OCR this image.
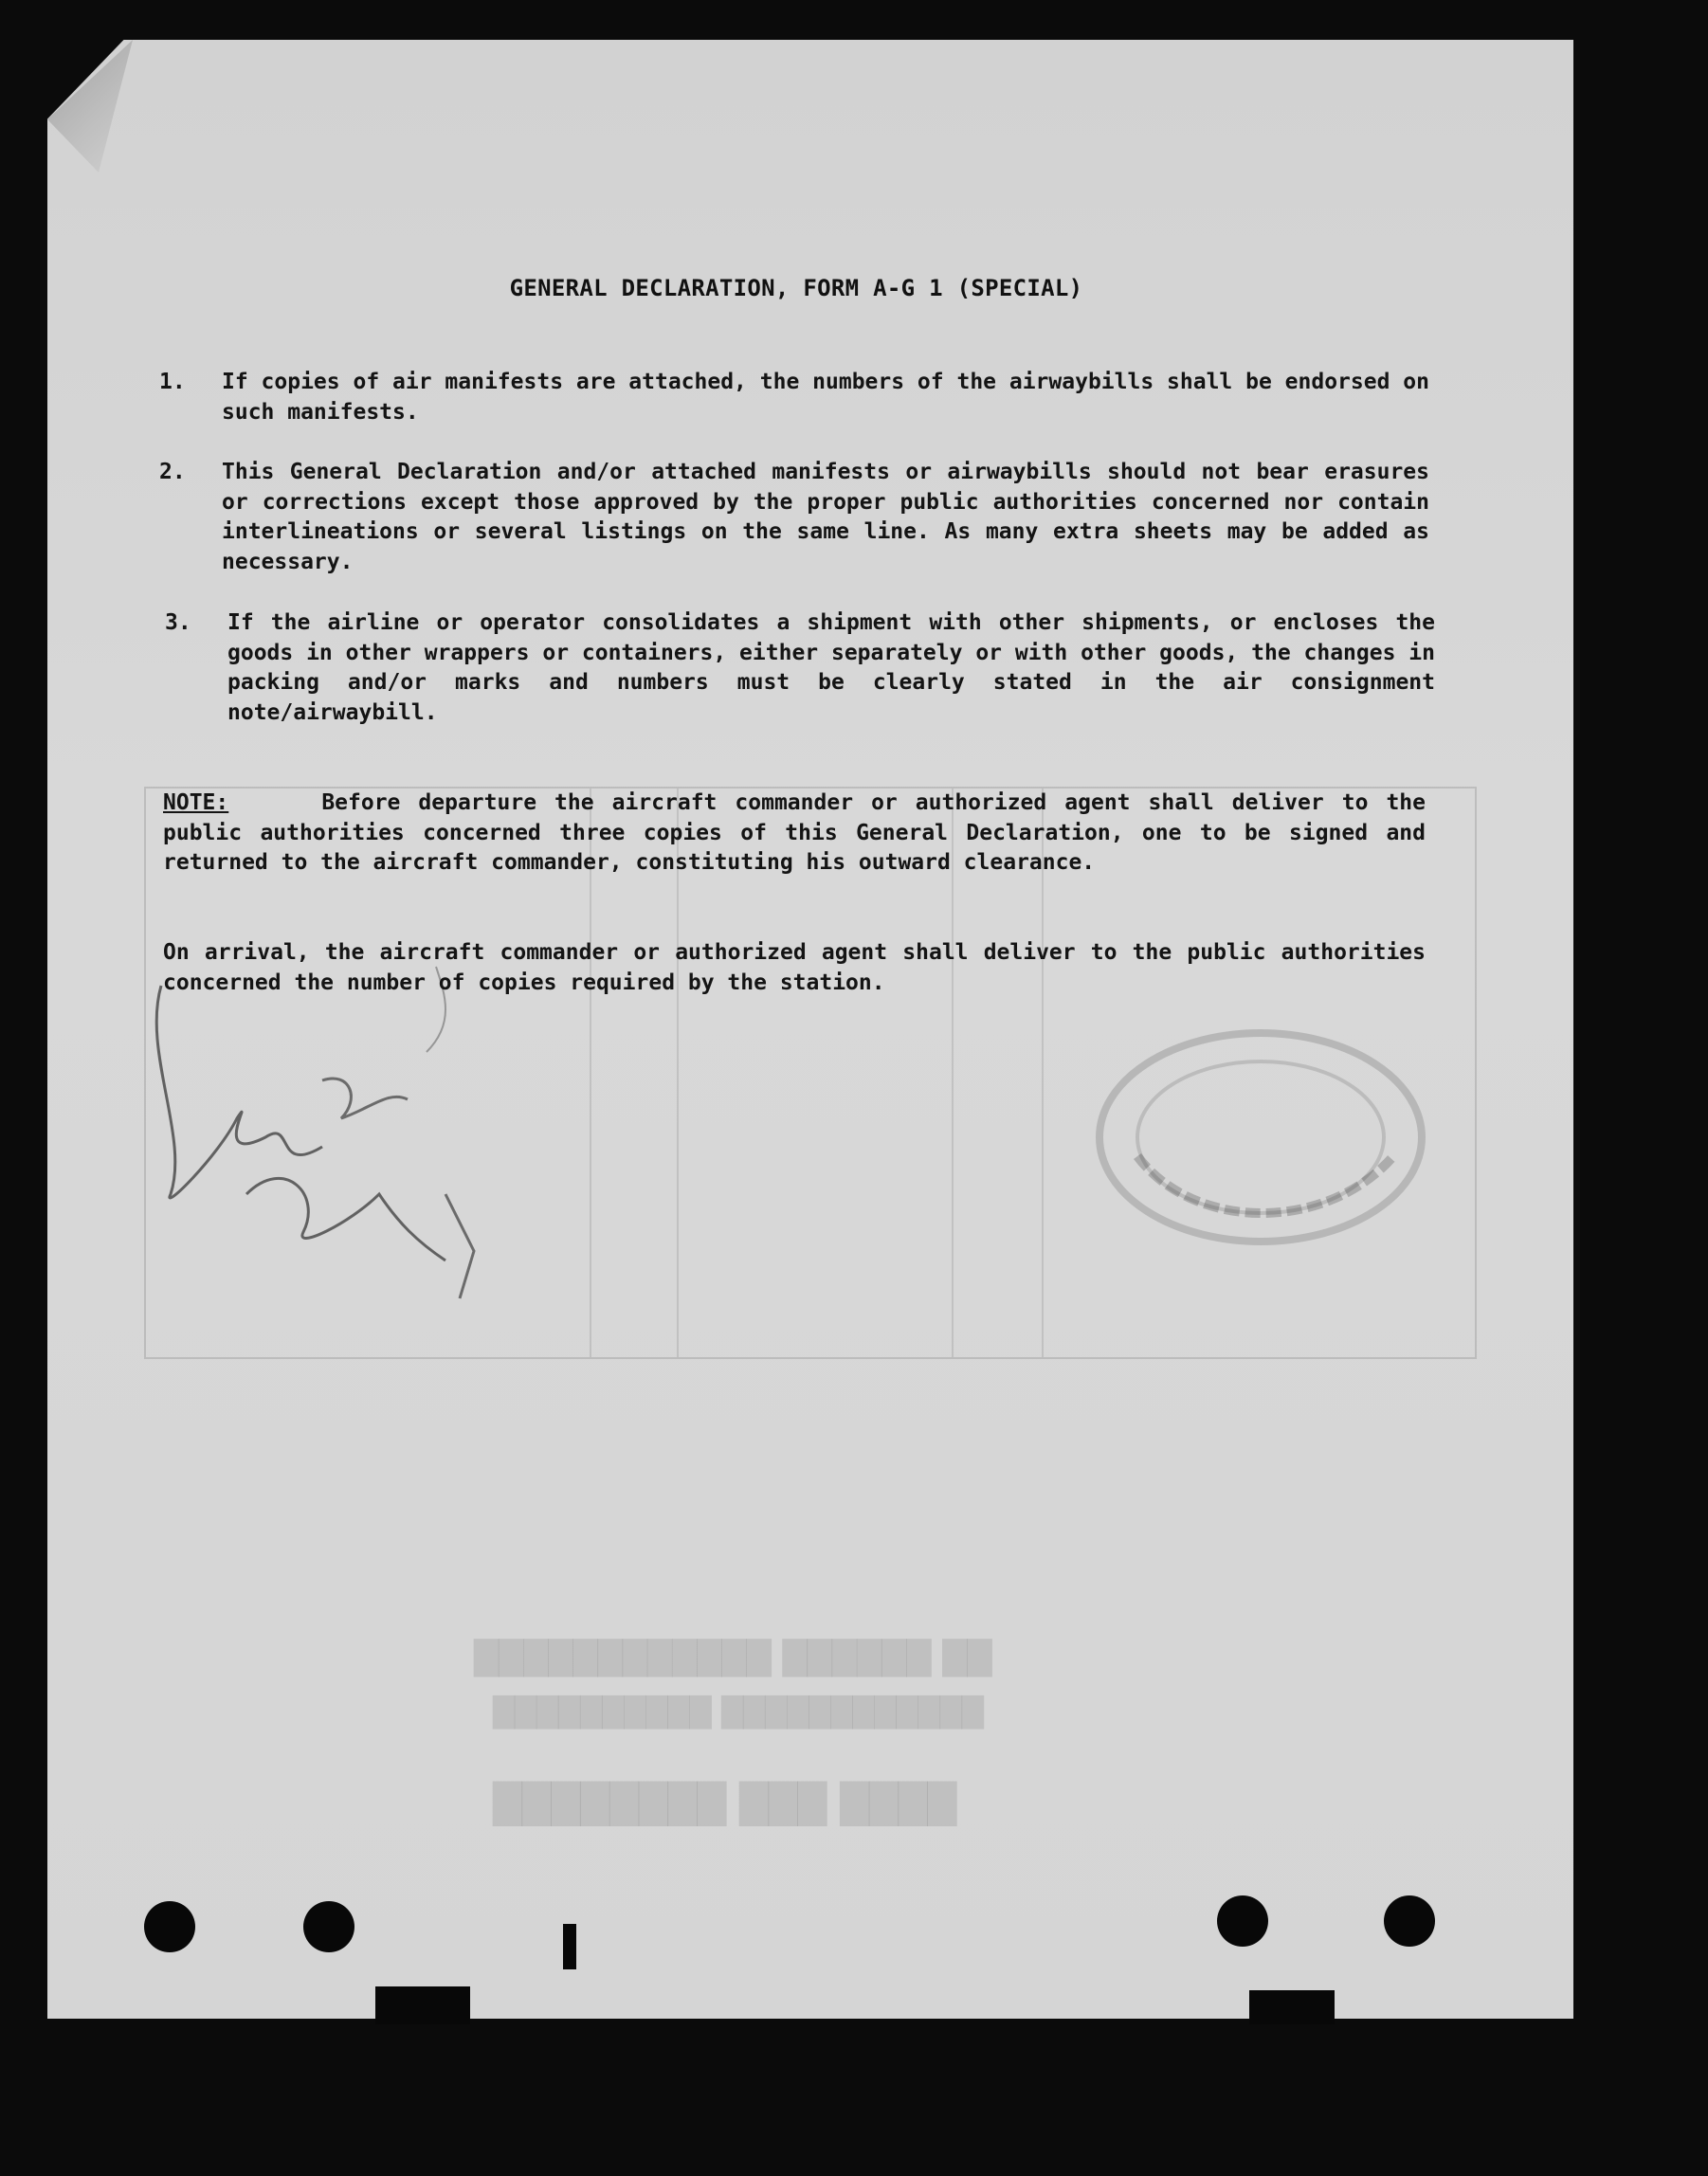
██ ██████ ████████████
████████████ ██████████
████ ███ ████████
GENERAL DECLARATION, FORM A-G 1 (SPECIAL)
1.	If copies of air manifests are attached, the numbers of the airwaybills shall be endorsed on such manifests.
2.	This General Declaration and/or attached manifests or airwaybills should not bear erasures or corrections except those approved by the proper public authorities concerned nor contain interlineations or several listings on the same line. As many extra sheets may be added as necessary.
3.	If the airline or operator consolidates a shipment with other shipments, or encloses the goods in other wrappers or containers, either separately or with other goods, the changes in packing and/or marks and numbers must be clearly stated in the air consignment note/airwaybill.
NOTE:	Before departure the aircraft commander or authorized agent shall deliver to the public authorities concerned three copies of this General Declaration, one to be signed and returned to the aircraft commander, constituting his outward clearance.
On arrival, the aircraft commander or authorized agent shall deliver to the public authorities concerned the number of copies required by the station.
